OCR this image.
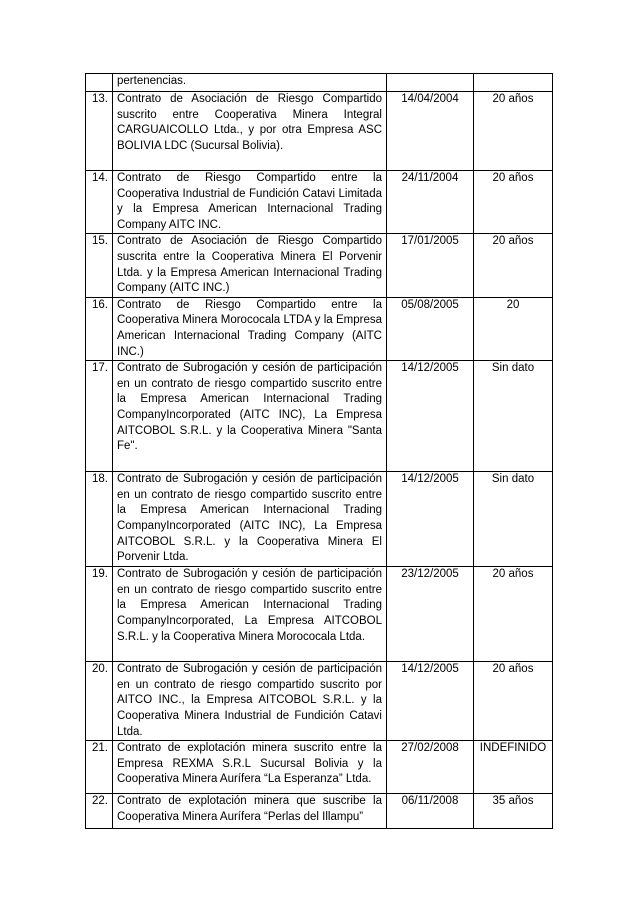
	pertenencias.		
13.	Contrato de Asociación de Riesgo Compartido suscrito entre Cooperativa Minera Integral CARGUAICOLLO Ltda., y por otra Empresa ASC BOLIVIA LDC (Sucursal Bolivia).	14/04/2004	20 años
14.	Contrato de Riesgo Compartido entre la Cooperativa Industrial de Fundición Catavi Limitada y la Empresa American Internacional Trading Company AITC INC.	24/11/2004	20 años
15.	Contrato de Asociación de Riesgo Compartido suscrita entre la Cooperativa Minera El Porvenir Ltda. y la Empresa American Internacional Trading Company (AITC INC.)	17/01/2005	20 años
16.	Contrato de Riesgo Compartido entre la Cooperativa Minera Morococala LTDA y la Empresa American Internacional Trading Company (AITC INC.)	05/08/2005	20
17.	Contrato de Subrogación y cesión de participación en un contrato de riesgo compartido suscrito entre la Empresa American Internacional Trading CompanyIncorporated (AITC INC), La Empresa AITCOBOL S.R.L. y la Cooperativa Minera "Santa Fe".	14/12/2005	Sin dato
18.	Contrato de Subrogación y cesión de participación en un contrato de riesgo compartido suscrito entre la Empresa American Internacional Trading CompanyIncorporated (AITC INC), La Empresa AITCOBOL S.R.L. y la Cooperativa Minera El Porvenir Ltda.	14/12/2005	Sin dato
19.	Contrato de Subrogación y cesión de participación en un contrato de riesgo compartido suscrito entre la Empresa American Internacional Trading CompanyIncorporated, La Empresa AITCOBOL S.R.L. y la Cooperativa Minera Morococala Ltda.	23/12/2005	20 años
20.	Contrato de Subrogación y cesión de participación en un contrato de riesgo compartido suscrito por AITCO INC., la Empresa AITCOBOL S.R.L. y la Cooperativa Minera Industrial de Fundición Catavi Ltda.	14/12/2005	20 años
21.	Contrato de explotación minera suscrito entre la Empresa REXMA S.R.L Sucursal Bolivia y la Cooperativa Minera Aurífera “La Esperanza” Ltda.	27/02/2008	INDEFINIDO
22.	Contrato de explotación minera que suscribe la Cooperativa Minera Aurífera “Perlas del Illampu”	06/11/2008	35 años
